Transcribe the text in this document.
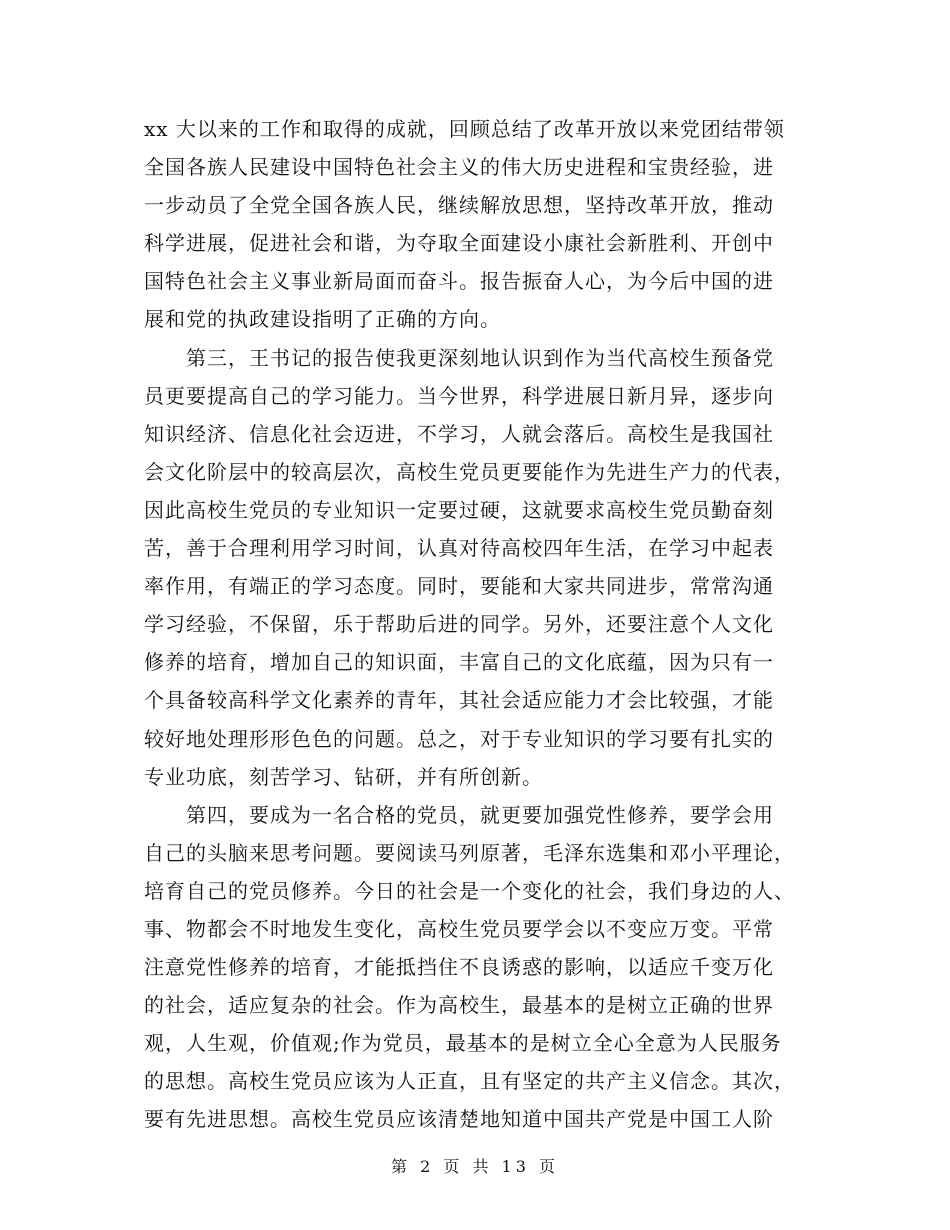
xx 大以来的工作和取得的成就，回顾总结了改革开放以来党团结带领
全国各族人民建设中国特色社会主义的伟大历史进程和宝贵经验，进
一步动员了全党全国各族人民，继续解放思想，坚持改革开放，推动
科学进展，促进社会和谐，为夺取全面建设小康社会新胜利、开创中
国特色社会主义事业新局面而奋斗。报告振奋人心，为今后中国的进
展和党的执政建设指明了正确的方向。
　　第三，王书记的报告使我更深刻地认识到作为当代高校生预备党
员更要提高自己的学习能力。当今世界，科学进展日新月异，逐步向
知识经济、信息化社会迈进，不学习，人就会落后。高校生是我国社
会文化阶层中的较高层次，高校生党员更要能作为先进生产力的代表，
因此高校生党员的专业知识一定要过硬，这就要求高校生党员勤奋刻
苦，善于合理利用学习时间，认真对待高校四年生活，在学习中起表
率作用，有端正的学习态度。同时，要能和大家共同进步，常常沟通
学习经验，不保留，乐于帮助后进的同学。另外，还要注意个人文化
修养的培育，增加自己的知识面，丰富自己的文化底蕴，因为只有一
个具备较高科学文化素养的青年，其社会适应能力才会比较强，才能
较好地处理形形色色的问题。总之，对于专业知识的学习要有扎实的
专业功底，刻苦学习、钻研，并有所创新。
　　第四，要成为一名合格的党员，就更要加强党性修养，要学会用
自己的头脑来思考问题。要阅读马列原著，毛泽东选集和邓小平理论，
培育自己的党员修养。今日的社会是一个变化的社会，我们身边的人、
事、物都会不时地发生变化，高校生党员要学会以不变应万变。平常
注意党性修养的培育，才能抵挡住不良诱惑的影响，以适应千变万化
的社会，适应复杂的社会。作为高校生，最基本的是树立正确的世界
观，人生观，价值观;作为党员，最基本的是树立全心全意为人民服务
的思想。高校生党员应该为人正直，且有坚定的共产主义信念。其次，
要有先进思想。高校生党员应该清楚地知道中国共产党是中国工人阶
第 2 页 共 13 页
